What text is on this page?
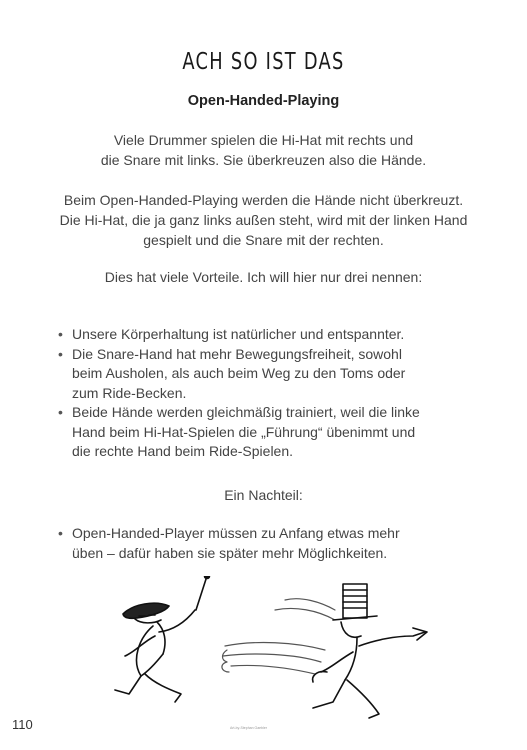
ACH SO IST DAS
Open-Handed-Playing
Viele Drummer spielen die Hi-Hat mit rechts und
die Snare mit links. Sie überkreuzen also die Hände.
Beim Open-Handed-Playing werden die Hände nicht überkreuzt.
Die Hi-Hat, die ja ganz links außen steht, wird mit der linken Hand
gespielt und die Snare mit der rechten.
Dies hat viele Vorteile. Ich will hier nur drei nennen:
• Unsere Körperhaltung ist natürlicher und entspannter.
• Die Snare-Hand hat mehr Bewegungsfreiheit, sowohl
beim Ausholen, als auch beim Weg zu den Toms oder
zum Ride-Becken.
• Beide Hände werden gleichmäßig trainiert, weil die linke
Hand beim Hi-Hat-Spielen die „Führung“ übenimmt und
die rechte Hand beim Ride-Spielen.
Ein Nachteil:
• Open-Handed-Player müssen zu Anfang etwas mehr
üben – dafür haben sie später mehr Möglichkeiten.
110	Art-by-Stephan Gaebler
